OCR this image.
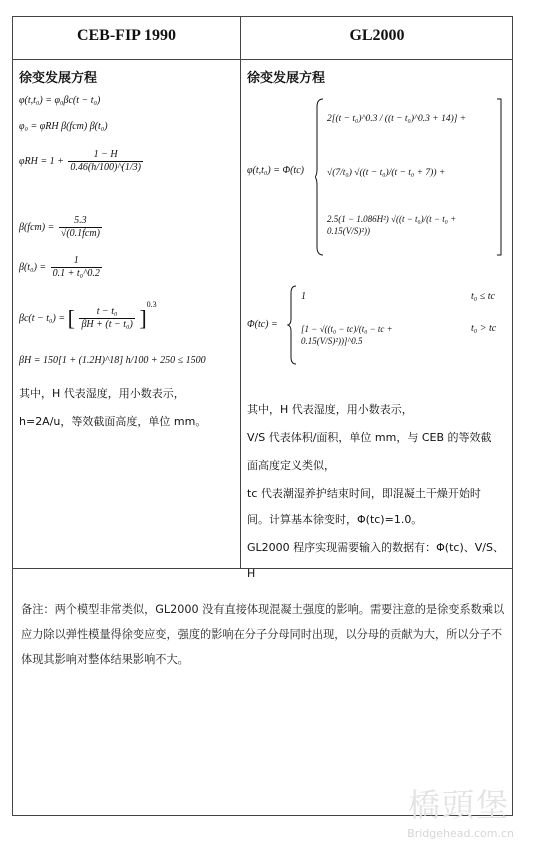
CEB-FIP 1990	GL2000
徐变发展方程
φ(t,t₀) = φ₀βc(t − t₀)
φ₀ = φRH β(fcm) β(t₀)
$\varphi RH = 1 + \frac{1 - H}{0.46(h/100)\^{}(1/3)}$
$\beta(fcm) = \frac{5.3}{\text{√(0.1fcm)}}$
$\beta(t_0) = \frac{1}{\text{0.1 + t₀\textasciicircum{}0.2}}$
βc(t − t₀) = [ $\frac{\text{t − t₀}}{\text{βH + (t − t₀)}} ]^{0.3}$
βH = 150[1 + (1.2H)^18] h/100 + 250 ≤ 1500
其中，H 代表湿度，用小数表示，
h=2A/u，等效截面高度，单位 mm。
徐变发展方程
φ(t,t₀) = Φ(tc)
2[(t − t₀)^0.3 / ((t − t₀)^0.3 + 14)] +
√(7/t₀) √((t − t₀)/(t − t₀ + 7)) +
2.5(1 − 1.086H²) √((t − t₀)/(t − t₀ + 0.15(V/S)²))
Φ(tc) =
1	t₀ ≤ tc
[1 − √((t₀ − tc)/(t₀ − tc + 0.15(V/S)²))]^0.5
t₀ > tc
其中，H 代表湿度，用小数表示，
V/S 代表体积/面积，单位 mm，与 CEB 的等效截
面高度定义类似，
tc 代表潮湿养护结束时间，即混凝土干燥开始时
间。计算基本徐变时，Φ(tc)=1.0。
GL2000 程序实现需要输入的数据有：Φ(tc)、V/S、
H
备注：两个模型非常类似，GL2000 没有直接体现混凝土强度的影响。需要注意的是徐变系数乘以应力除以弹性模量得徐变应变，强度的影响在分子分母同时出现，以分母的贡献为大，所以分子不体现其影响对整体结果影响不大。
橋頭堡
Bridgehead.com.cn
